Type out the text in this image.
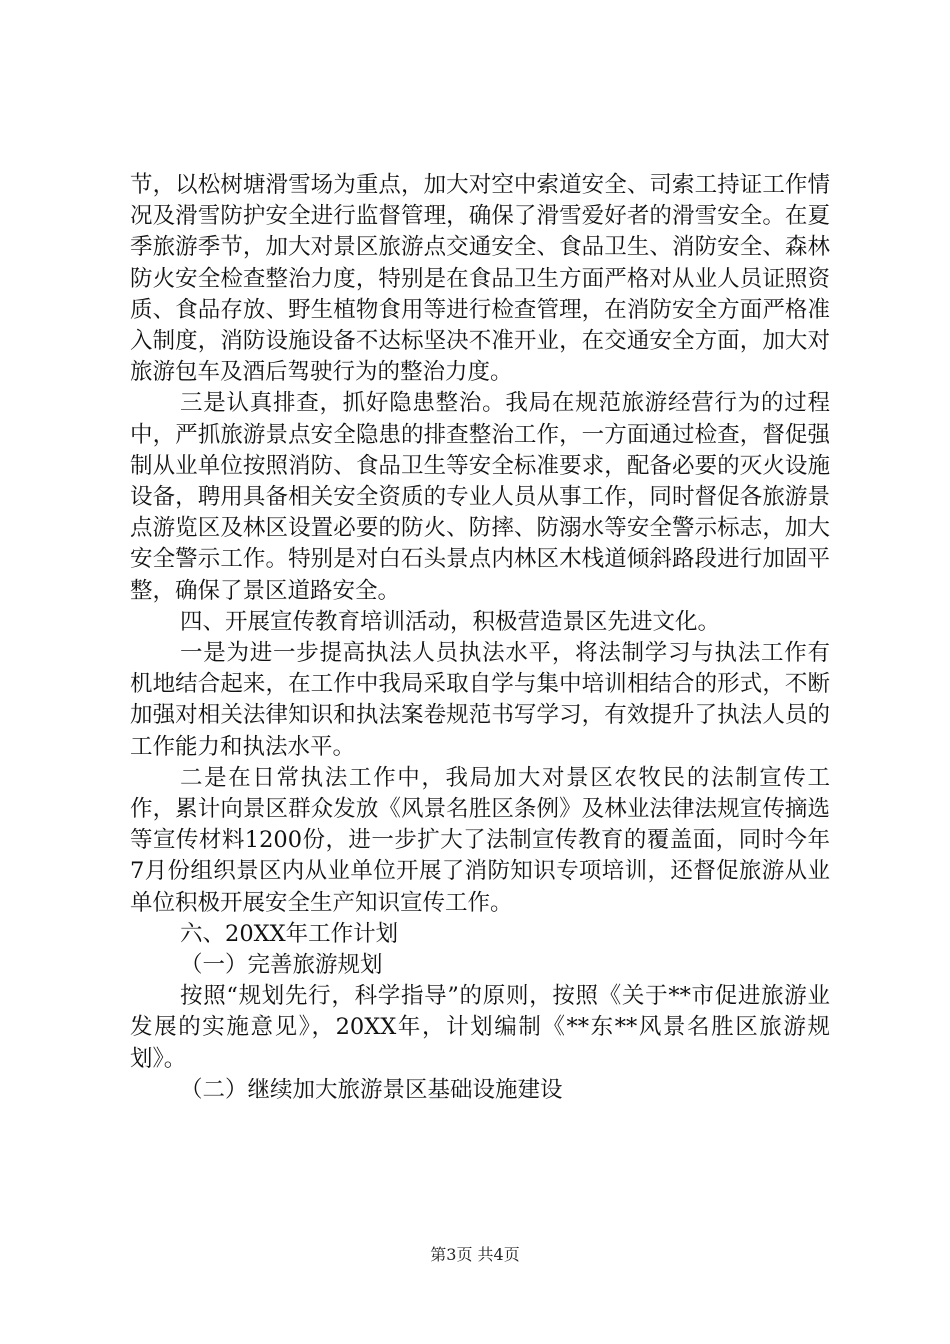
节，以松树塘滑雪场为重点，加大对空中索道安全、司索工持证工作情况及滑雪防护安全进行监督管理，确保了滑雪爱好者的滑雪安全。在夏季旅游季节，加大对景区旅游点交通安全、食品卫生、消防安全、森林防火安全检查整治力度，特别是在食品卫生方面严格对从业人员证照资质、食品存放、野生植物食用等进行检查管理，在消防安全方面严格准入制度，消防设施设备不达标坚决不准开业，在交通安全方面，加大对旅游包车及酒后驾驶行为的整治力度。

三是认真排查，抓好隐患整治。我局在规范旅游经营行为的过程中，严抓旅游景点安全隐患的排查整治工作，一方面通过检查，督促强制从业单位按照消防、食品卫生等安全标准要求，配备必要的灭火设施设备，聘用具备相关安全资质的专业人员从事工作，同时督促各旅游景点游览区及林区设置必要的防火、防摔、防溺水等安全警示标志，加大安全警示工作。特别是对白石头景点内林区木栈道倾斜路段进行加固平整，确保了景区道路安全。

四、开展宣传教育培训活动，积极营造景区先进文化。

一是为进一步提高执法人员执法水平，将法制学习与执法工作有机地结合起来，在工作中我局采取自学与集中培训相结合的形式，不断加强对相关法律知识和执法案卷规范书写学习，有效提升了执法人员的工作能力和执法水平。

二是在日常执法工作中，我局加大对景区农牧民的法制宣传工作，累计向景区群众发放《风景名胜区条例》及林业法律法规宣传摘选等宣传材料1200份，进一步扩大了法制宣传教育的覆盖面，同时今年7月份组织景区内从业单位开展了消防知识专项培训，还督促旅游从业单位积极开展安全生产知识宣传工作。

六、20XX年工作计划

（一）完善旅游规划

按照“规划先行，科学指导”的原则，按照《关于**市促进旅游业发展的实施意见》，20XX年，计划编制《**东**风景名胜区旅游规划》。

（二）继续加大旅游景区基础设施建设

第3页 共4页
